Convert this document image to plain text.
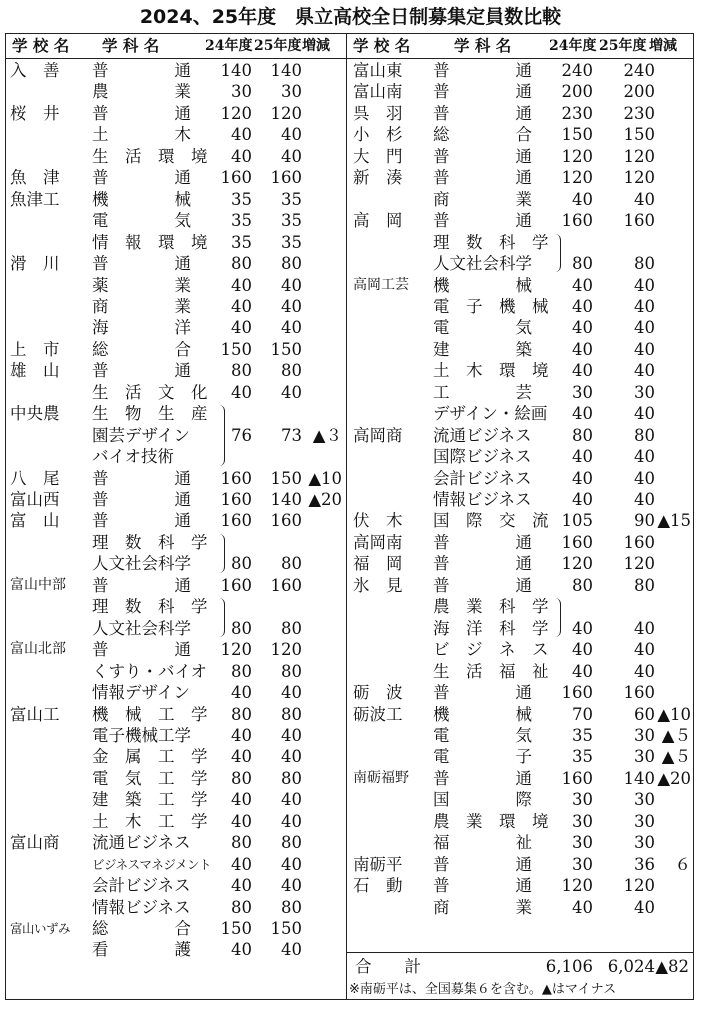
2024、25年度　県立高校全日制募集定員数比較
学 校 名 学 科 名	24年度 25年度 増減 学 校 名	学 科 名	24年度 25年度 増減
入　善 普　　　　通	140	140
農　　　　業	30	30
桜　井 普　　　　通	120	120
土　　　　木	40	40
生　活　環　境	40	40
魚　津 普　　　　通	160	160
魚津工 機　　　　械	35	35
電　　　　気	35	35
情　報　環　境	35	35
滑　川 普　　　　通	80	80
薬　　　　業	40	40
商　　　　業	40	40
海　　　　洋	40	40
上　市 総　　　　合	150	150
雄　山 普　　　　通	80	80
生　活　文　化	40	40
中央農 生　物　生　産
園芸デザイン	76	73 ▲３
バイオ技術
八　尾 普　　　　通	160	150 ▲10
富山西 普　　　　通	160	140 ▲20
富　山 普　　　　通	160	160
理　数　科　学
人文社会科学	80	80
富山中部 普　　　　通	160	160
理　数　科　学
人文社会科学	80	80
富山北部 普　　　　通	120	120
くすり・バイオ	80	80
情報デザイン	40	40
富山工 機　械　工　学	80	80
電子機械工学	40	40
金　属　工　学	40	40
電　気　工　学	80	80
建　築　工　学	40	40
土　木　工　学	40	40
富山商 流通ビジネス	80	80
ビジネスマネジメント	40	40
会計ビジネス	40	40
情報ビジネス	80	80
富山いずみ 総　　　　合	150	150
看　　　　護	40	40
富山東 普　　　　通	240	240
富山南 普　　　　通	200	200
呉　羽 普　　　　通	230	230
小　杉 総　　　　合	150	150
大　門 普　　　　通	120	120
新　湊 普　　　　通	120	120
商　　　　業	40	40
高　岡 普　　　　通	160	160
理　数　科　学
人文社会科学	80	80
高岡工芸 機　　　　械	40	40
電　子　機　械	40	40
電　　　　気	40	40
建　　　　築	40	40
土　木　環　境	40	40
工　　　　芸	30	30
デザイン・絵画	40	40
高岡商 流通ビジネス	80	80
国際ビジネス	40	40
会計ビジネス	40	40
情報ビジネス	40	40
伏　木 国　際　交　流 105	90 ▲15
高岡南 普　　　　通	160	160
福　岡 普　　　　通	120	120
氷　見 普　　　　通	80	80
農　業　科　学
海　洋　科　学	40	40
ビ　ジ　ネ　ス	40	40
生　活　福　祉	40	40
砺　波 普　　　　通	160	160
砺波工 機　　　　械	70	60 ▲10
電　　　　気	35	30 ▲５
電　　　　子	35	30 ▲５
南砺福野 普　　　　通	160	140 ▲20
国　　　　際	30	30
農　業　環　境	30	30
福　　　　祉	30	30
南砺平 普　　　　通	30	36	６
石　動 普　　　　通	120	120
商　　　　業	40	40
合　　計	6,106 6,024 ▲82
※南砺平は、全国募集６を含む。▲はマイナス
